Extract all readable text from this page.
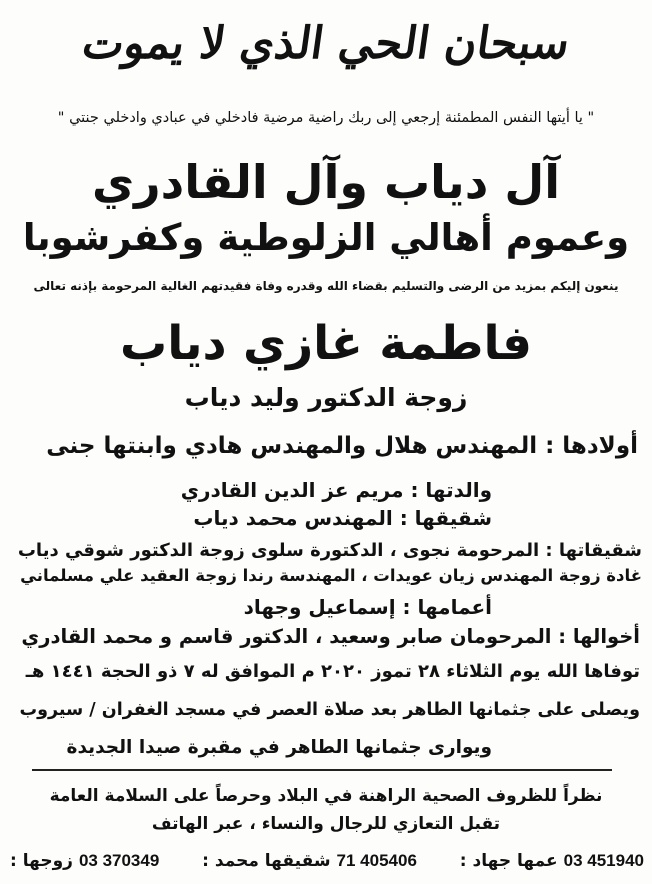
سبحان الحي الذي لا يموت
" يا أيتها النفس المطمئنة إرجعي إلى ربك راضية مرضية فادخلي في عبادي وادخلي جنتي "
آل دياب وآل القادري
وعموم أهالي الزلوطية وكفرشوبا
ينعون إليكم بمزيد من الرضى والتسليم بقضاء الله وقدره وفاة فقيدتهم الغالية المرحومة بإذنه تعالى
فاطمة غازي دياب
زوجة الدكتور وليد دياب
أولادها : المهندس هلال والمهندس هادي وابنتها جنى
والدتها : مريم عز الدين القادري
شقيقها : المهندس محمد دياب
شقيقاتها : المرحومة نجوى ، الدكتورة سلوى زوجة الدكتور شوقي دياب
غادة زوجة المهندس زيان عويدات ، المهندسة رندا زوجة العقيد علي مسلماني
أعمامها : إسماعيل وجهاد
أخوالها : المرحومان صابر وسعيد ، الدكتور قاسم و محمد القادري
توفاها الله يوم الثلاثاء ٢٨ تموز ٢٠٢٠ م الموافق له ٧ ذو الحجة ١٤٤١ هـ
ويصلى على جثمانها الطاهر بعد صلاة العصر في مسجد الغفران / سيروب
ويوارى جثمانها الطاهر في مقبرة صيدا الجديدة
نظراً للظروف الصحية الراهنة في البلاد وحرصاً على السلامة العامة
تقبل التعازي للرجال والنساء ، عبر الهاتف
زوجها : 03 370349	شقيقها محمد : 71 405406	عمها جهاد : 03 451940
